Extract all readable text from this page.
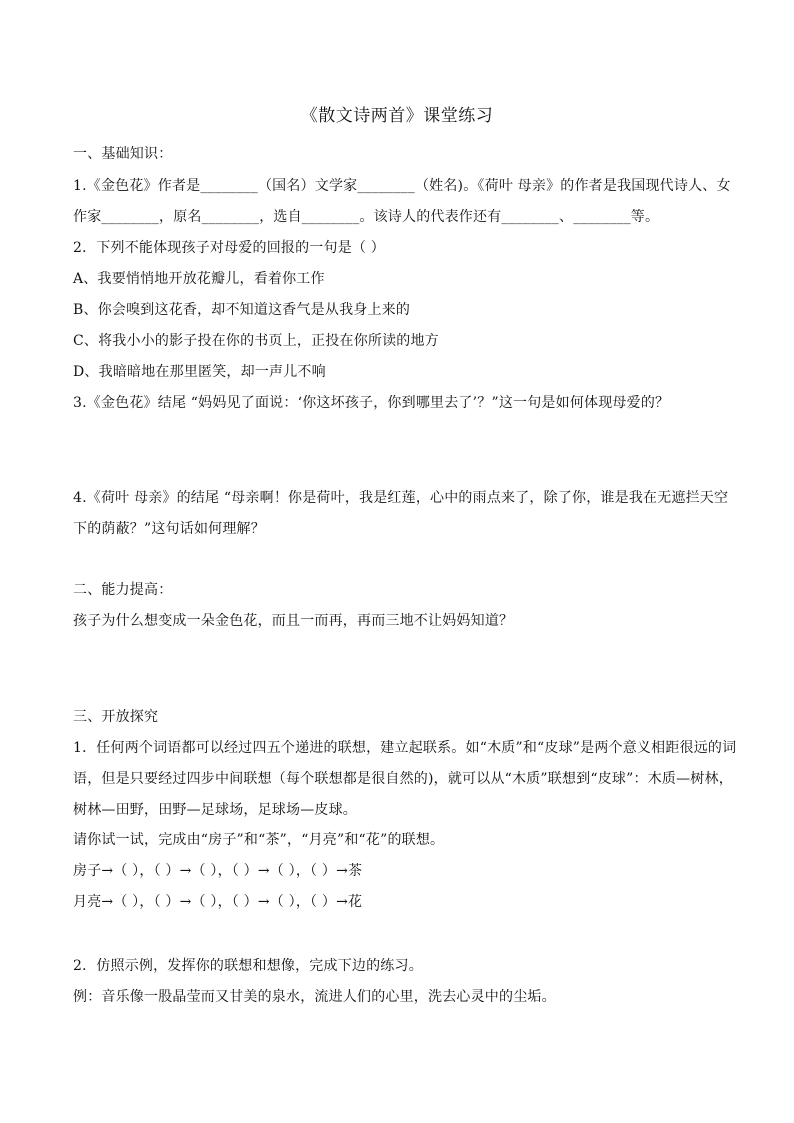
《散文诗两首》课堂练习
一、基础知识：
1.《金色花》作者是________（国名）文学家________（姓名)。《荷叶 母亲》的作者是我国现代诗人、女
作家________，原名________，选自________。该诗人的代表作还有________、________等。
2．下列不能体现孩子对母爱的回报的一句是（ ）
A、我要悄悄地开放花瓣儿，看着你工作
B、你会嗅到这花香，却不知道这香气是从我身上来的
C、将我小小的影子投在你的书页上，正投在你所读的地方
D、我暗暗地在那里匿笑，却一声儿不响
3.《金色花》结尾 “妈妈见了面说：‘你这坏孩子，你到哪里去了’？”这一句是如何体现母爱的？
4.《荷叶 母亲》的结尾 “母亲啊！你是荷叶，我是红莲，心中的雨点来了，除了你，谁是我在无遮拦天空
下的荫蔽？”这句话如何理解？
二、能力提高：
孩子为什么想变成一朵金色花，而且一而再，再而三地不让妈妈知道？
三、开放探究
1．任何两个词语都可以经过四五个递进的联想，建立起联系。如“木质”和“皮球”是两个意义相距很远的词
语，但是只要经过四步中间联想（每个联想都是很自然的)，就可以从“木质”联想到“皮球”：木质—树林，
树林—田野，田野—足球场，足球场—皮球。
请你试一试，完成由“房子”和“茶”，“月亮”和“花”的联想。
房子→（ ），（ ）→（ ），（ ）→（ ），（ ）→茶
月亮→（ ），（ ）→（ ），（ ）→（ ），（ ）→花
2．仿照示例，发挥你的联想和想像，完成下边的练习。
例：音乐像一股晶莹而又甘美的泉水，流进人们的心里，洗去心灵中的尘垢。
